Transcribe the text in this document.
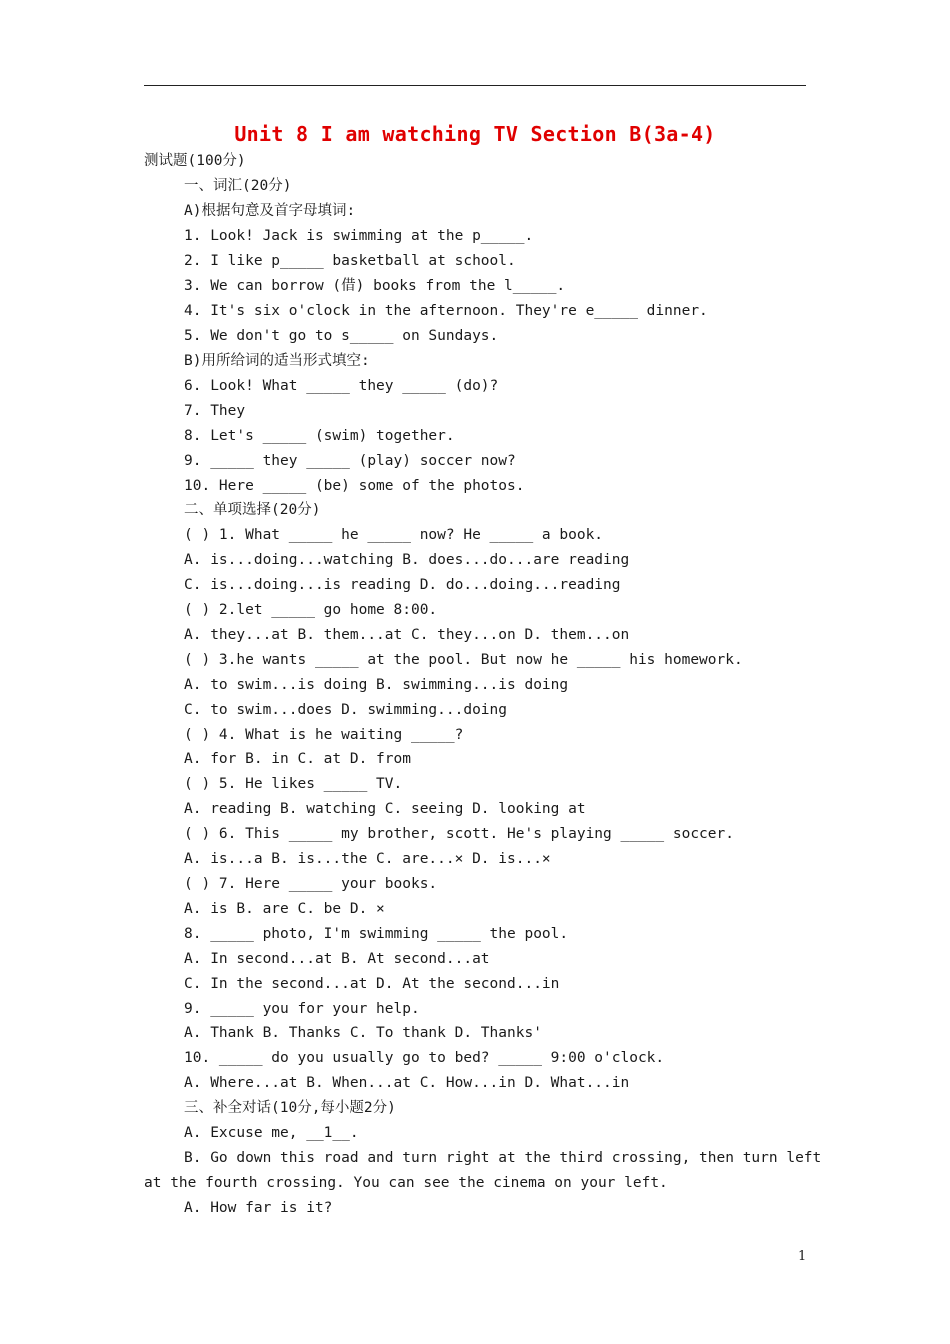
Unit 8 I am watching TV Section B(3a-4)
测试题(100分)
一、词汇(20分)
A)根据句意及首字母填词:
1. Look! Jack is swimming at the p_____.
2. I like p_____ basketball at school.
3. We can borrow (借) books from the l_____.
4. It's six o'clock in the afternoon. They're e_____ dinner.
5. We don't go to s_____ on Sundays.
B)用所给词的适当形式填空:
6. Look! What _____ they _____ (do)?
7. They
8. Let's _____ (swim) together.
9. _____ they _____ (play) soccer now?
10. Here _____ (be) some of the photos.
二、单项选择(20分)
( ) 1. What _____ he _____ now? He _____ a book.
A. is...doing...watching B. does...do...are reading
C. is...doing...is reading D. do...doing...reading
( ) 2.let _____ go home 8:00.
A. they...at B. them...at C. they...on D. them...on
( ) 3.he wants _____ at the pool. But now he _____ his homework.
A. to swim...is doing B. swimming...is doing
C. to swim...does D. swimming...doing
( ) 4. What is he waiting _____?
A. for B. in C. at D. from
( ) 5. He likes _____ TV.
A. reading B. watching C. seeing D. looking at
( ) 6. This _____ my brother, scott. He's playing _____ soccer.
A. is...a B. is...the C. are...× D. is...×
( ) 7. Here _____ your books.
A. is B. are C. be D. ×
8. _____ photo, I'm swimming _____ the pool.
A. In second...at B. At second...at
C. In the second...at D. At the second...in
9. _____ you for your help.
A. Thank B. Thanks C. To thank D. Thanks'
10. _____ do you usually go to bed? _____ 9:00 o'clock.
A. Where...at B. When...at C. How...in D. What...in
三、补全对话(10分,每小题2分)
A. Excuse me, __1__.
B. Go down this road and turn right at the third crossing, then turn left
at the fourth crossing. You can see the cinema on your left.
A. How far is it?
1
